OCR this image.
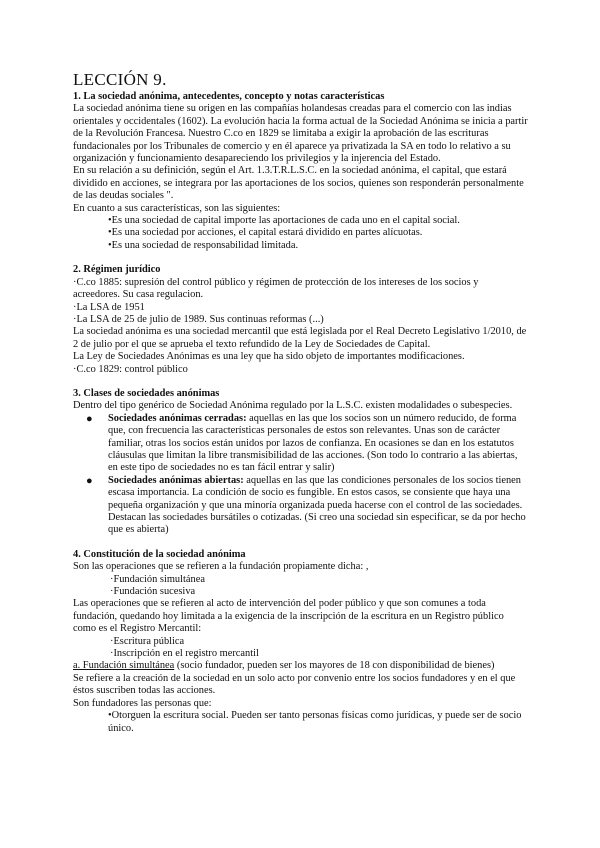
LECCIÓN 9.

1. La sociedad anónima, antecedentes, concepto y notas características

La sociedad anónima tiene su origen en las compañías holandesas creadas para el comercio con las indias orientales y occidentales (1602). La evolución hacia la forma actual de la Sociedad Anónima se inicia a partir de la Revolución Francesa. Nuestro C.co en 1829 se limitaba a exigir la aprobación de las escrituras fundacionales por los Tribunales de comercio y en él aparece ya privatizada la SA en todo lo relativo a su organización y funcionamiento desapareciendo los privilegios y la injerencia del Estado.

En su relación a su definición, según el Art. 1.3.T.R.L.S.C. en la sociedad anónima, el capital, que estará dividido en acciones, se integrara por las aportaciones de los socios, quienes son responderán personalmente de las deudas sociales ".

En cuanto a sus características, son las siguientes:

•Es una sociedad de capital importe las aportaciones de cada uno en el capital social.
•Es una sociedad por acciones, el capital estará dividido en partes alícuotas.
•Es una sociedad de responsabilidad limitada.

2. Régimen jurídico

·C.co 1885: supresión del control público y régimen de protección de los intereses de los socios y acreedores. Su casa regulacion.

·La LSA de 1951

·La LSA de 25 de julio de 1989. Sus continuas reformas (...)

La sociedad anónima es una sociedad mercantil que está legislada por el Real Decreto Legislativo 1/2010, de 2 de julio por el que se aprueba el texto refundido de la Ley de Sociedades de Capital.

La Ley de Sociedades Anónimas es una ley que ha sido objeto de importantes modificaciones.

·C.co 1829: control público

3. Clases de sociedades anónimas

Dentro del tipo genérico de Sociedad Anónima regulado por la L.S.C. existen modalidades o subespecies.

● Sociedades anónimas cerradas: aquellas en las que los socios son un número reducido, de forma que, con frecuencia las características personales de estos son relevantes. Unas son de carácter familiar, otras los socios están unidos por lazos de confianza. En ocasiones se dan en los estatutos cláusulas que limitan la libre transmisibilidad de las acciones. (Son todo lo contrario a las abiertas, en este tipo de sociedades no es tan fácil entrar y salir)
● Sociedades anónimas abiertas: aquellas en las que las condiciones personales de los socios tienen escasa importancia. La condición de socio es fungible. En estos casos, se consiente que haya una pequeña organización y que una minoría organizada pueda hacerse con el control de las sociedades. Destacan las sociedades bursátiles o cotizadas. (Si creo una sociedad sin especificar, se da por hecho que es abierta)

4. Constitución de la sociedad anónima

Son las operaciones que se refieren a la fundación propiamente dicha: ,

·Fundación simultánea
·Fundación sucesiva

Las operaciones que se refieren al acto de intervención del poder público y que son comunes a toda fundación, quedando hoy limitada a la exigencia de la inscripción de la escritura en un Registro público como es el Registro Mercantil:

·Escritura pública
·Inscripción en el registro mercantil

a. Fundación simultánea (socio fundador, pueden ser los mayores de 18 con disponibilidad de bienes)

Se refiere a la creación de la sociedad en un solo acto por convenio entre los socios fundadores y en el que éstos suscriben todas las acciones.

Son fundadores las personas que:

•Otorguen la escritura social. Pueden ser tanto personas físicas como jurídicas, y puede ser de socio único.
